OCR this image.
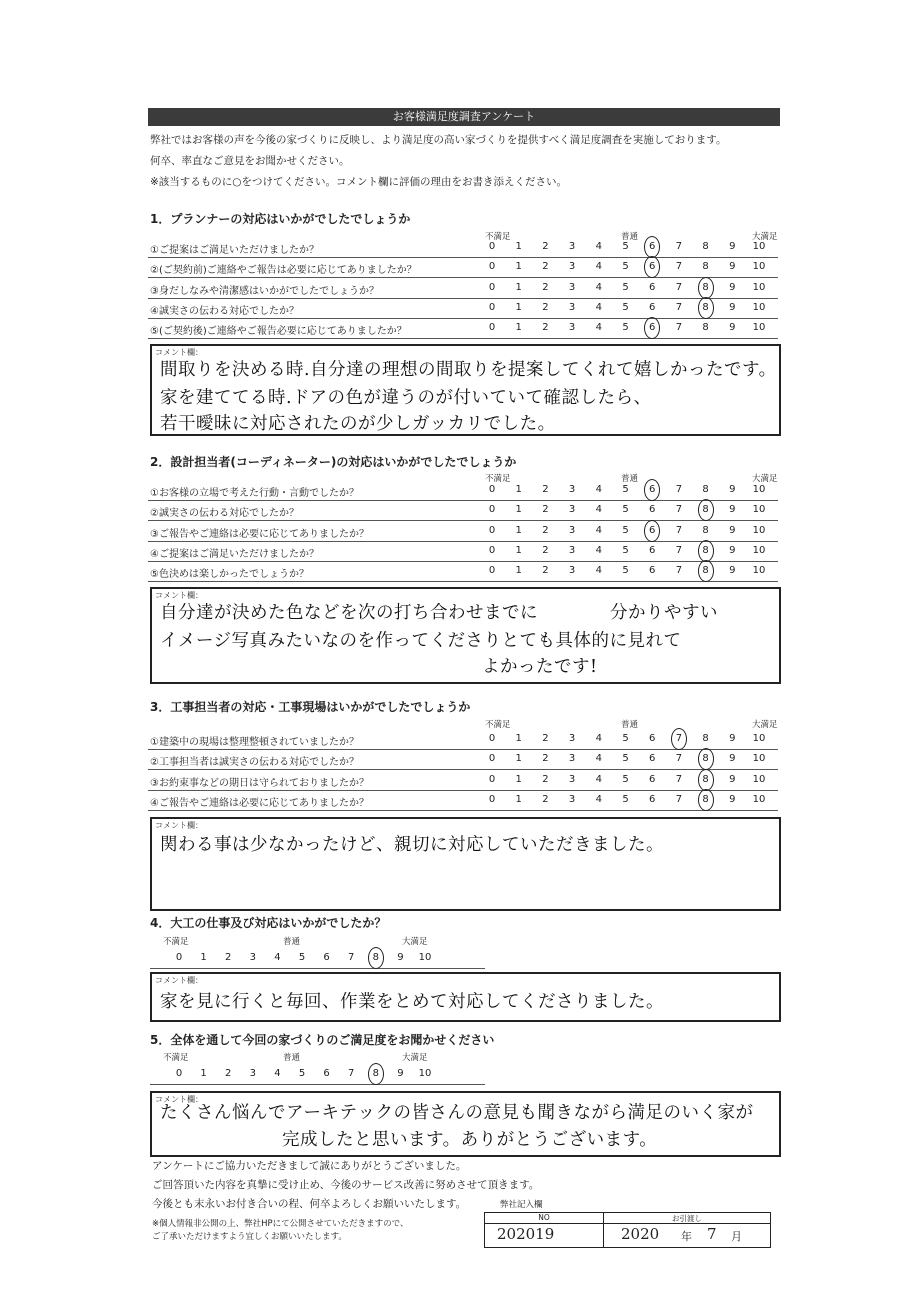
お客様満足度調査アンケート
弊社ではお客様の声を今後の家づくりに反映し、より満足度の高い家づくりを提供すべく満足度調査を実施しております。
何卒、率直なご意見をお聞かせください。
※該当するものに○をつけてください。コメント欄に評価の理由をお書き添えください。
1．プランナーの対応はいかがでしたでしょうか
不満足	普通	大満足
①ご提案はご満足いただけましたか？	0	1	2	3	4	5	6	7	8	9	10
②(ご契約前)ご連絡やご報告は必要に応じてありましたか？	0	1	2	3	4	5	6	7	8	9	10
③身だしなみや清潔感はいかがでしたでしょうか？	0	1	2	3	4	5	6	7	8	9	10
④誠実さの伝わる対応でしたか？	0	1	2	3	4	5	6	7	8	9	10
⑤(ご契約後)ご連絡やご報告必要に応じてありましたか？	0	1	2	3	4	5	6	7	8	9	10
コメント欄：
間取りを決める時.自分達の理想の間取りを提案してくれて嬉しかったです。
家を建ててる時.ドアの色が違うのが付いていて確認したら、
若干曖昧に対応されたのが少しガッカリでした。
2．設計担当者(コーディネーター)の対応はいかがでしたでしょうか
不満足	普通	大満足
①お客様の立場で考えた行動・言動でしたか？	0	1	2	3	4	5	6	7	8	9	10
②誠実さの伝わる対応でしたか？	0	1	2	3	4	5	6	7	8	9	10
③ご報告やご連絡は必要に応じてありましたか？	0	1	2	3	4	5	6	7	8	9	10
④ご提案はご満足いただけましたか？	0	1	2	3	4	5	6	7	8	9	10
⑤色決めは楽しかったでしょうか？	0	1	2	3	4	5	6	7	8	9	10
コメント欄：
自分達が決めた色などを次の打ち合わせまでに　　　　分かりやすい
イメージ写真みたいなのを作ってくださりとても具体的に見れて
よかったです!
3．工事担当者の対応・工事現場はいかがでしたでしょうか
不満足	普通	大満足
①建築中の現場は整理整頓されていましたか？	0	1	2	3	4	5	6	7	8	9	10
②工事担当者は誠実さの伝わる対応でしたか？	0	1	2	3	4	5	6	7	8	9	10
③お約束事などの期日は守られておりましたか？	0	1	2	3	4	5	6	7	8	9	10
④ご報告やご連絡は必要に応じてありましたか？	0	1	2	3	4	5	6	7	8	9	10
コメント欄：
関わる事は少なかったけど、親切に対応していただきました。
4．大工の仕事及び対応はいかがでしたか？
不満足	普通	大満足
0	1	2	3	4	5	6	7	8	9	10
コメント欄：
家を見に行くと毎回、作業をとめて対応してくださりました。
5．全体を通して今回の家づくりのご満足度をお聞かせください
不満足	普通	大満足
0	1	2	3	4	5	6	7	8	9	10
コメント欄：
たくさん悩んでアーキテックの皆さんの意見も聞きながら満足のいく家が
完成したと思います。ありがとうございます。
アンケートにご協力いただきまして誠にありがとうございました。
ご回答頂いた内容を真摯に受け止め、今後のサービス改善に努めさせて頂きます。
今後とも末永いお付き合いの程、何卒よろしくお願いいたします。
※個人情報非公開の上、弊社HPにて公開させていただきますので、
ご了承いただけますよう宜しくお願いいたします。
弊社記入欄
NO	お引渡し
202019	2020 年 7 月
